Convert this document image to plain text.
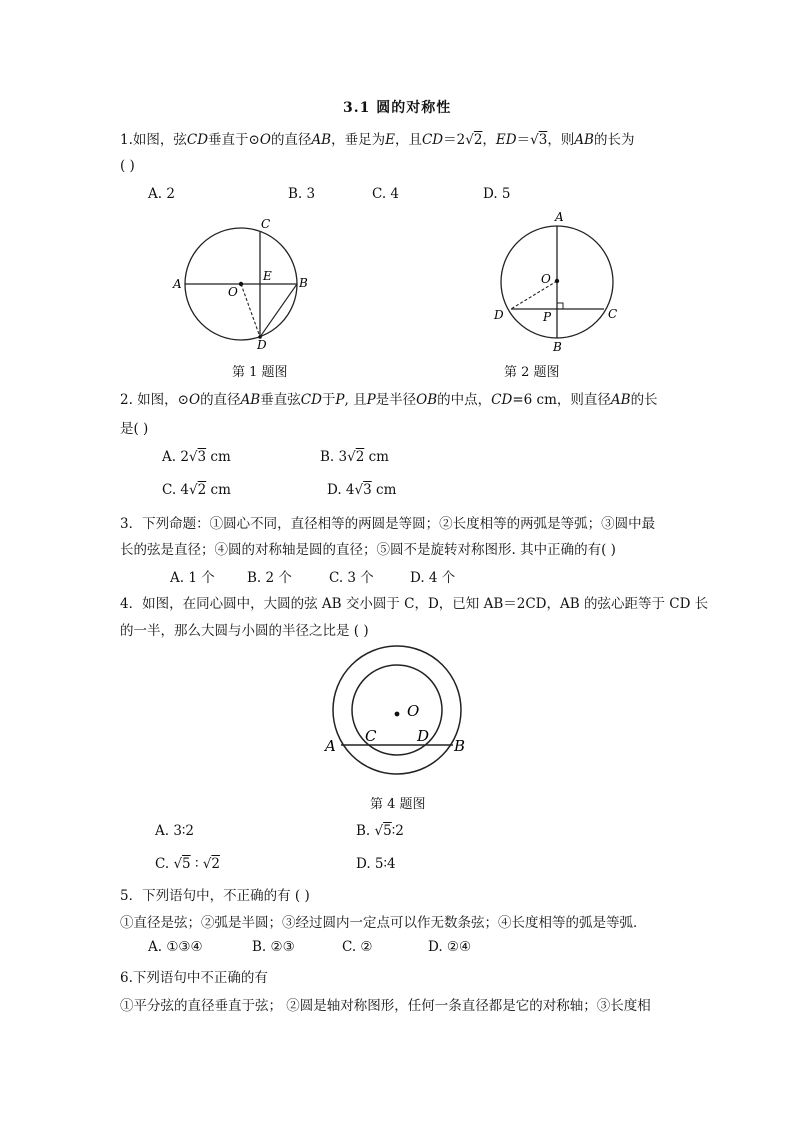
3.1 圆的对称性
1.如图，弦CD垂直于⊙O的直径AB，垂足为E，且CD＝2√2，ED＝√3，则AB的长为
( )
A. 2	B. 3	C. 4	D. 5
C
A
O
E B
D
第 1 题图
A
O
D	P	C
B
第 2 题图
2. 如图，⊙O的直径AB垂直弦CD于P, 且P是半径OB的中点，CD=6 cm，则直径AB的长
是( )
A. 2√3 cm	B. 3√2 cm
C. 4√2 cm	D. 4√3 cm
3．下列命题：①圆心不同，直径相等的两圆是等圆；②长度相等的两弧是等弧；③圆中最
长的弦是直径；④圆的对称轴是圆的直径；⑤圆不是旋转对称图形. 其中正确的有( )
A. 1 个 B. 2 个	C. 3 个	D. 4 个
4．如图，在同心圆中，大圆的弦 AB 交小圆于 C，D，已知 AB＝2CD，AB 的弦心距等于 CD 长
的一半，那么大圆与小圆的半径之比是 ( )
O
C	D
A	B
第 4 题图
A. 3∶2	B. √5∶2
C. √5 ∶ √2	D. 5∶4
5．下列语句中，不正确的有 ( )
①直径是弦；②弧是半圆；③经过圆内一定点可以作无数条弦；④长度相等的弧是等弧．
A. ①③④	B. ②③	C. ②	D. ②④
6.下列语句中不正确的有
①平分弦的直径垂直于弦； ②圆是轴对称图形，任何一条直径都是它的对称轴；③长度相
